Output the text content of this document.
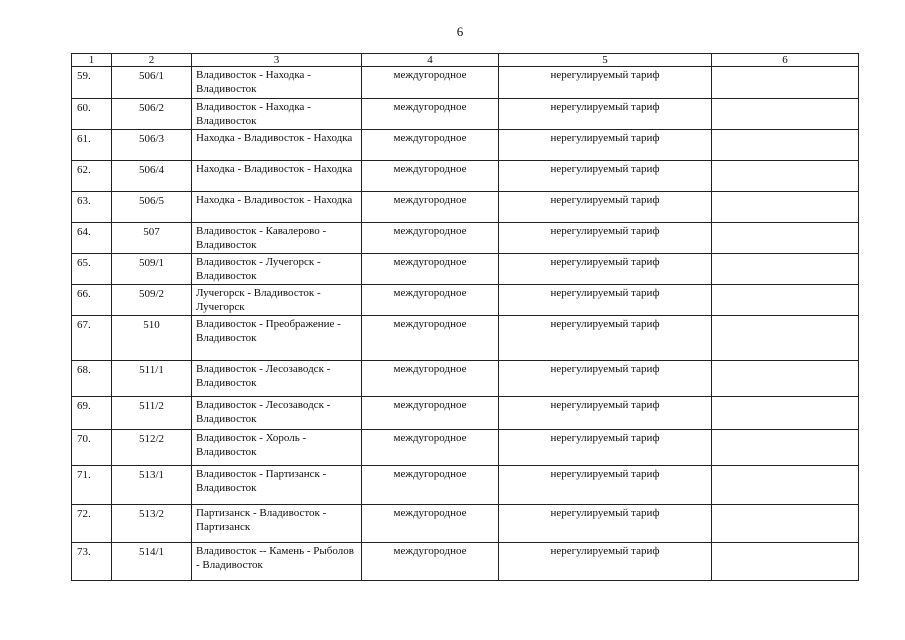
6
1	2	3	4	5	6
59.	506/1	Владивосток - Находка - Владивосток	междугородное	нерегулируемый тариф	
60.	506/2	Владивосток - Находка - Владивосток	междугородное	нерегулируемый тариф	
61.	506/3	Находка - Владивосток - Находка	междугородное	нерегулируемый тариф	
62.	506/4	Находка - Владивосток - Находка	междугородное	нерегулируемый тариф	
63.	506/5	Находка - Владивосток - Находка	междугородное	нерегулируемый тариф	
64.	507	Владивосток - Кавалерово - Владивосток	междугородное	нерегулируемый тариф	
65.	509/1	Владивосток - Лучегорск - Владивосток	междугородное	нерегулируемый тариф	
66.	509/2	Лучегорск - Владивосток - Лучегорск	междугородное	нерегулируемый тариф	
67.	510	Владивосток - Преображение - Владивосток	междугородное	нерегулируемый тариф	
68.	511/1	Владивосток - Лесозаводск - Владивосток	междугородное	нерегулируемый тариф	
69.	511/2	Владивосток - Лесозаводск - Владивосток	междугородное	нерегулируемый тариф	
70.	512/2	Владивосток - Хороль - Владивосток	междугородное	нерегулируемый тариф	
71.	513/1	Владивосток - Партизанск - Владивосток	междугородное	нерегулируемый тариф	
72.	513/2	Партизанск - Владивосток - Партизанск	междугородное	нерегулируемый тариф	
73.	514/1	Владивосток -- Камень - Рыболов - Владивосток	междугородное	нерегулируемый тариф	
